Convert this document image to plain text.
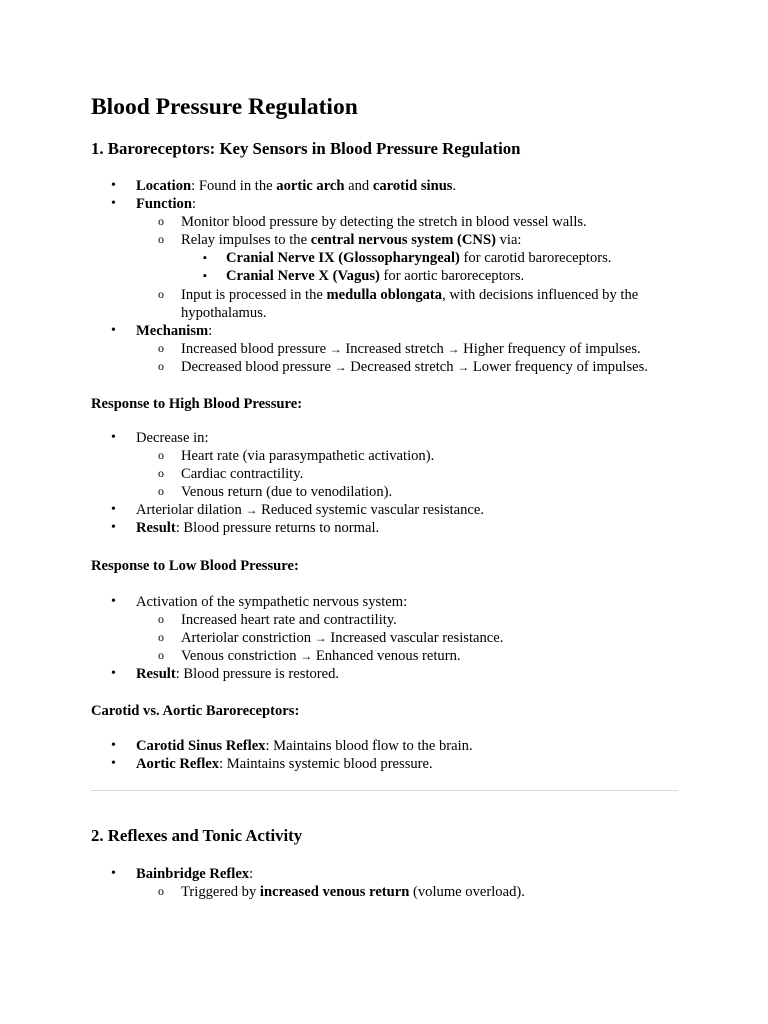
Blood Pressure Regulation
1. Baroreceptors: Key Sensors in Blood Pressure Regulation
• Location: Found in the aortic arch and carotid sinus.
• Function:
o Monitor blood pressure by detecting the stretch in blood vessel walls.
o Relay impulses to the central nervous system (CNS) via:
▪ Cranial Nerve IX (Glossopharyngeal) for carotid baroreceptors.
▪ Cranial Nerve X (Vagus) for aortic baroreceptors.
o Input is processed in the medulla oblongata, with decisions influenced by the hypothalamus.
• Mechanism:
o Increased blood pressure → Increased stretch → Higher frequency of impulses.
o Decreased blood pressure → Decreased stretch → Lower frequency of impulses.
Response to High Blood Pressure:
• Decrease in:
o Heart rate (via parasympathetic activation).
o Cardiac contractility.
o Venous return (due to venodilation).
• Arteriolar dilation → Reduced systemic vascular resistance.
• Result: Blood pressure returns to normal.
Response to Low Blood Pressure:
• Activation of the sympathetic nervous system:
o Increased heart rate and contractility.
o Arteriolar constriction → Increased vascular resistance.
o Venous constriction → Enhanced venous return.
• Result: Blood pressure is restored.
Carotid vs. Aortic Baroreceptors:
• Carotid Sinus Reflex: Maintains blood flow to the brain.
• Aortic Reflex: Maintains systemic blood pressure.
2. Reflexes and Tonic Activity
• Bainbridge Reflex:
o Triggered by increased venous return (volume overload).
